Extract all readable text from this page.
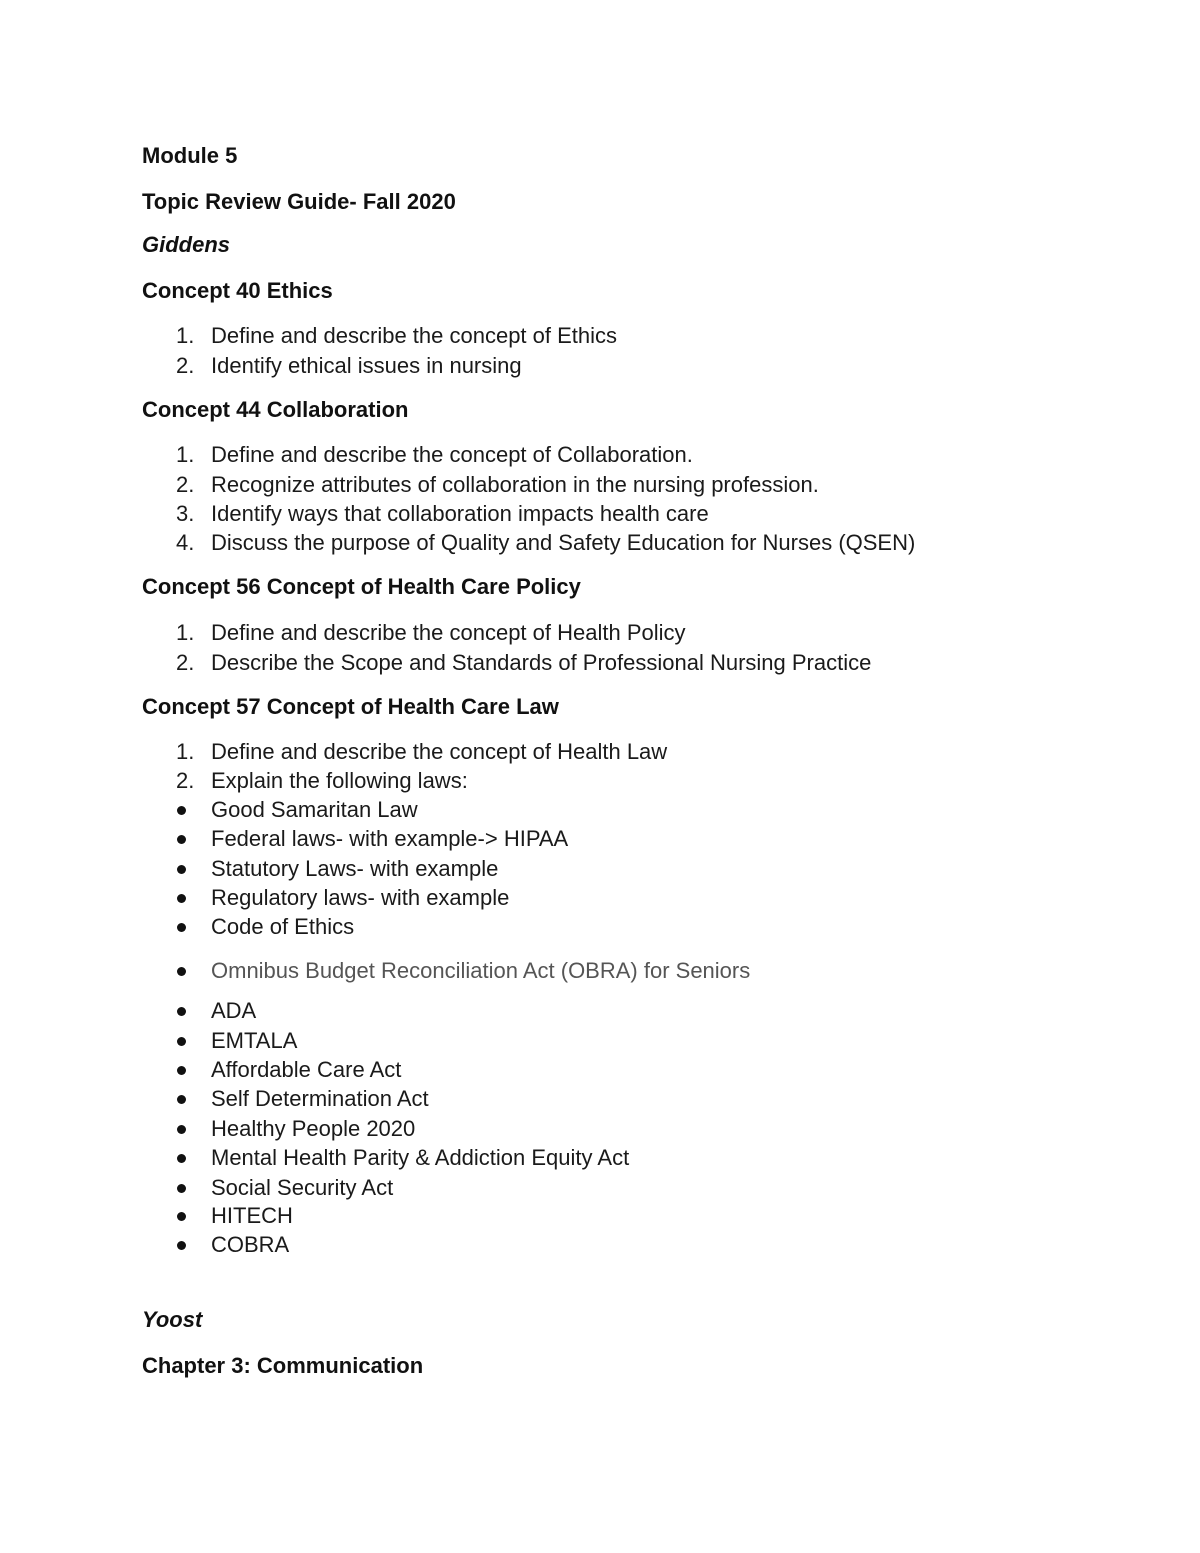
Module 5
Topic Review Guide- Fall 2020
Giddens
Concept 40 Ethics
1. Define and describe the concept of Ethics
2. Identify ethical issues in nursing
Concept 44 Collaboration
1. Define and describe the concept of Collaboration.
2. Recognize attributes of collaboration in the nursing profession.
3. Identify ways that collaboration impacts health care
4. Discuss the purpose of Quality and Safety Education for Nurses (QSEN)
Concept 56 Concept of Health Care Policy
1. Define and describe the concept of Health Policy
2. Describe the Scope and Standards of Professional Nursing Practice
Concept 57 Concept of Health Care Law
1. Define and describe the concept of Health Law
2. Explain the following laws:
Good Samaritan Law
Federal laws- with example-> HIPAA
Statutory Laws- with example
Regulatory laws- with example
Code of Ethics
Omnibus Budget Reconciliation Act (OBRA) for Seniors
ADA
EMTALA
Affordable Care Act
Self Determination Act
Healthy People 2020
Mental Health Parity & Addiction Equity Act
Social Security Act
HITECH
COBRA
Yoost
Chapter 3: Communication
